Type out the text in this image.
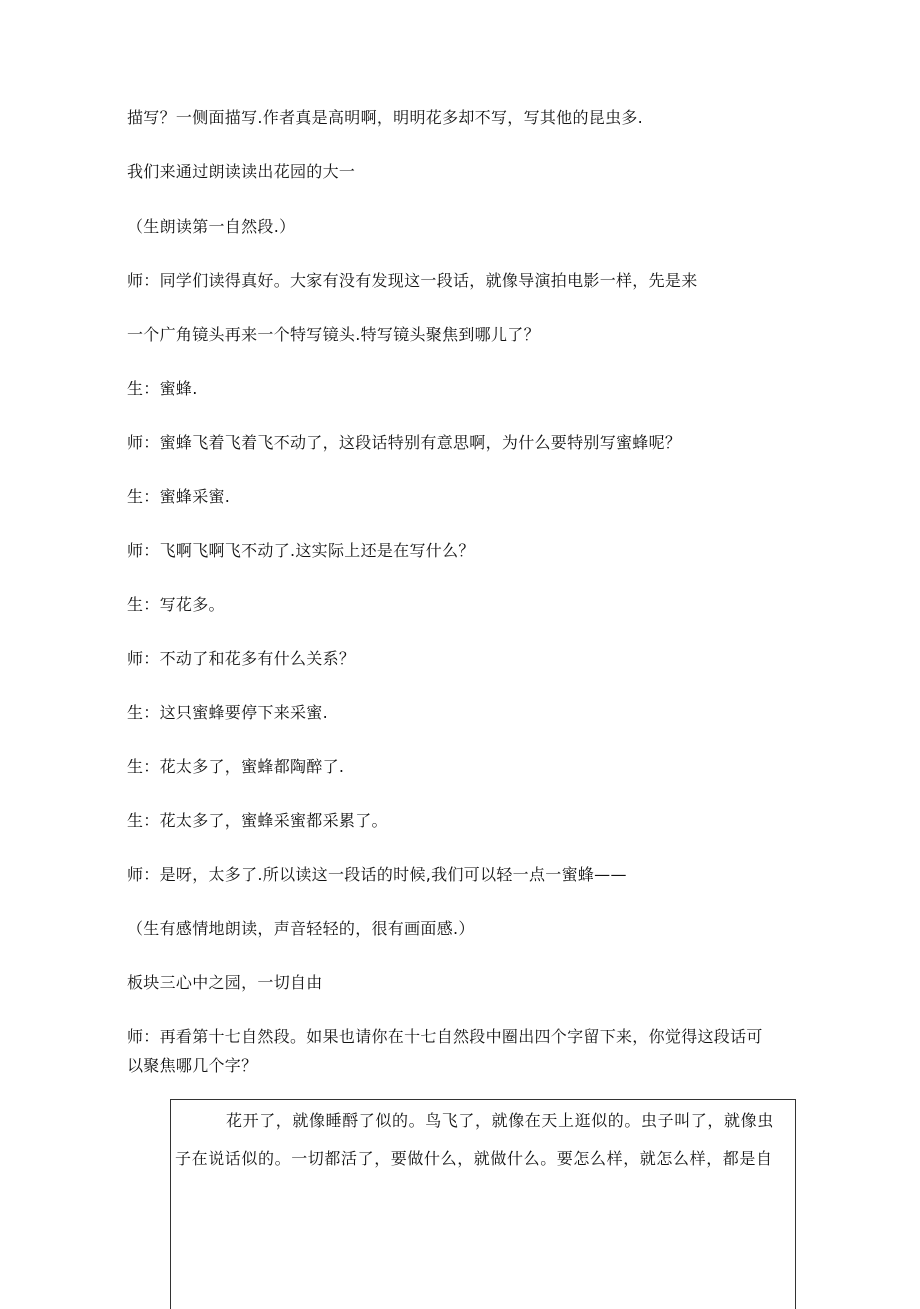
描写？一侧面描写.作者真是高明啊，明明花多却不写，写其他的昆虫多.
我们来通过朗读读出花园的大一
（生朗读第一自然段.）
师：同学们读得真好。大家有没有发现这一段话，就像导演拍电影一样，先是来
一个广角镜头再来一个特写镜头.特写镜头聚焦到哪儿了？
生：蜜蜂.
师：蜜蜂飞着飞着飞不动了，这段话特别有意思啊，为什么要特别写蜜蜂呢？
生：蜜蜂采蜜.
师：飞啊飞啊飞不动了.这实际上还是在写什么？
生：写花多。
师：不动了和花多有什么关系？
生：这只蜜蜂要停下来采蜜.
生：花太多了，蜜蜂都陶醉了.
生：花太多了，蜜蜂采蜜都采累了。
师：是呀，太多了.所以读这一段话的时候,我们可以轻一点一蜜蜂——
（生有感情地朗读，声音轻轻的，很有画面感.）
板块三心中之园，一切自由
师：再看第十七自然段。如果也请你在十七自然段中圈出四个字留下来，你觉得这段话可
以聚焦哪几个字？
花开了，就像睡酹了似的。鸟飞了，就像在天上逛似的。虫子叫了，就像虫
子在说话似的。一切都活了，要做什么，就做什么。要怎么样，就怎么样，都是自
